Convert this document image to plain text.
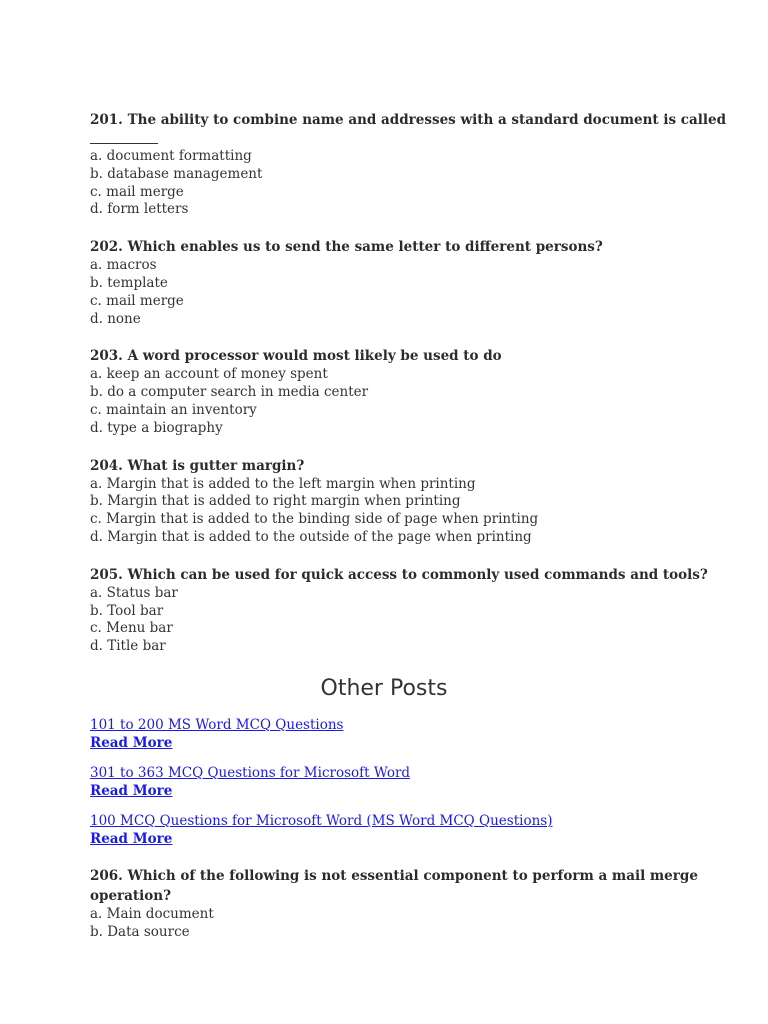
201. The ability to combine name and addresses with a standard document is called
a. document formatting
b. database management
c. mail merge
d. form letters
202. Which enables us to send the same letter to different persons?
a. macros
b. template
c. mail merge
d. none
203. A word processor would most likely be used to do
a. keep an account of money spent
b. do a computer search in media center
c. maintain an inventory
d. type a biography
204. What is gutter margin?
a. Margin that is added to the left margin when printing
b. Margin that is added to right margin when printing
c. Margin that is added to the binding side of page when printing
d. Margin that is added to the outside of the page when printing
205. Which can be used for quick access to commonly used commands and tools?
a. Status bar
b. Tool bar
c. Menu bar
d. Title bar
Other Posts
101 to 200 MS Word MCQ Questions
Read More
301 to 363 MCQ Questions for Microsoft Word
Read More
100 MCQ Questions for Microsoft Word (MS Word MCQ Questions)
Read More
206. Which of the following is not essential component to perform a mail merge operation?
a. Main document
b. Data source
